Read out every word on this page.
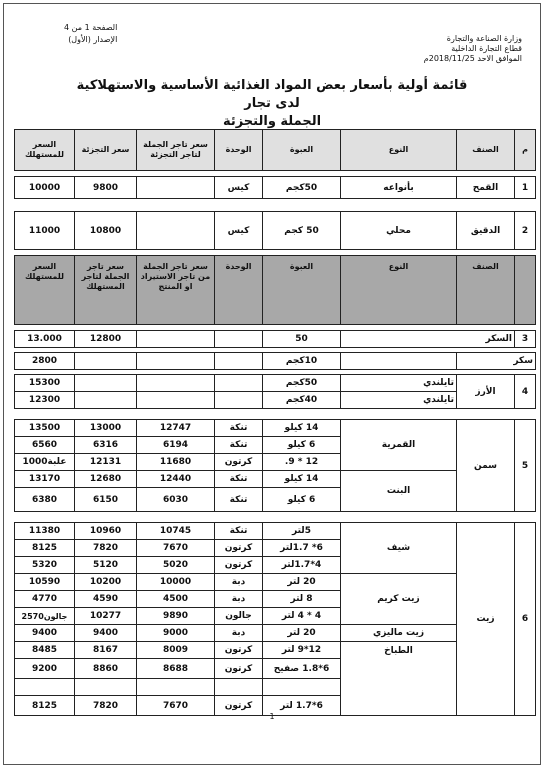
الصفحة 1 من 4
الإصدار (الأول)	وزارة الصناعة والتجارة
قطاع التجارة الداخلية
الموافق الاحد 2018/11/25م
قائمة أولية بأسعار بعض المواد الغذائية الأساسية والاستهلاكية لدى تجار
الجملة والتجزئة
السعر للمستهلك	سعر التجزئة	سعر تاجر الجملة لتاجر التجزئة	الوحدة	العبوة	النوع	الصنف	م

10000	9800		كيس	50كجم	بأنواعه	القمح	1

11000	10800		كيس	50 كجم	محلي	الدقيق	2

السعر للمستهلك	سعر تاجر الجملة لتاجر المستهلك	سعر تاجر الجملة من تاجر الاستيراد او المنتج	الوحدة	العبوة	النوع	الصنف	

13.000	12800			50	السكر		3

2800				10كجم		سكر	

15300				50كجم	تايلندي	الأرز	4
12300				40كجم	تايلندي		

13500	13000	12747	تنكة	14 كيلو	القمرية	سمن	5
6560	6316	6194	تنكة	6 كيلو			
1000علبة	12131	11680	كرتون	12 * 9.			
13170	12680	12440	تنكة	14 كيلو	البنت		
6380	6150	6030	تنكة	6 كيلو			

11380	10960	10745	تنكة	5لتر	شيف	زيت	6
8125	7820	7670	كرتون	6* 1.7لتر			
5320	5120	5020	كرتون	4*1.7لتر			
10590	10200	10000	دبة	20 لتر	زيت كريم		
4770	4590	4500	دبة	8 لتر			
2570جالون	10277	9890	جالون	4 * 4 لتر			
9400	9400	9000	دبة	20 لتر	زيت ماليزي		
8485	8167	8009	كرتون	12*9 لتر	الطباخ		
9200	8860	8688	كرتون	6*1.8 صفيح			

8125	7820	7670	كرتون	6*1.7 لتر			
1
